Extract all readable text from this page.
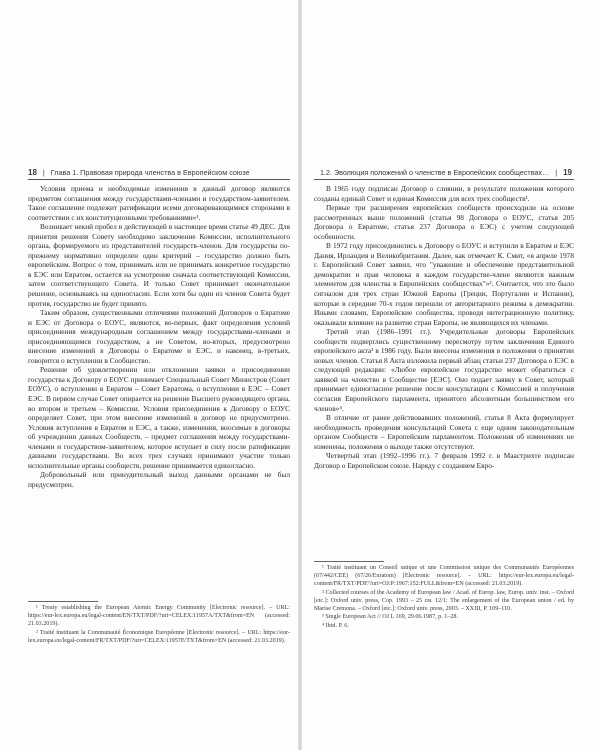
18 | Глава 1. Правовая природа членства в Европейском союзе

Условия приема и необходимые изменения в данный договор являются предметом соглашения между государствами-членами и государством-заявителем. Такое соглашение подлежит ратификации всеми договаривающимися сторонами в соответствии с их конституционными требованиями«¹.

Возникает некий пробел в действующей в настоящее время статье 49 ДЕС. Для принятия решения Совету необходимо заключение Комиссии, исполнительного органа, формируемого из представителей государств-членов. Для государства по-прежнему нормативно определен один критерий – государство должно быть европейским. Вопрос о том, принимать или не принимать конкретное государство в ЕЭС или Евратом, остается на усмотрение сначала соответствующей Комиссии, затем соответствующего Совета. И только Совет принимает окончательное решение, основываясь на единогласии. Если хотя бы один из членов Совета будет против, государство не будет принято.

Таким образом, существенными отличиями положений Договоров о Евратоме и ЕЭС от Договора о ЕОУС, являются, во-первых, факт определения условий присоединения международным соглашением между государствами-членами и присоединяющимся государством, а не Советом, во-вторых, предусмотрено внесение изменений в Договоры о Евратоме и ЕЭС, и наконец, в-третьих, говорится о вступлении в Сообщество.

Решение об удовлетворении или отклонении заявки о присоединении государства к Договору о ЕОУС принимает Специальный Совет Министров (Совет ЕОУС), о вступлении в Евратом – Совет Евратома, о вступлении в ЕЭС – Совет ЕЭС. В первом случае Совет опирается на решение Высшего руководящего органа, во втором и третьем – Комиссии. Условия присоединения к Договору о ЕОУС определяет Совет, при этом внесение изменений в договор не предусмотрено. Условия вступления в Евратом и ЕЭС, а также, изменения, вносимые в договоры об учреждении данных Сообществ, – предмет соглашения между государствами-членами и государством-заявителем, которое вступает в силу после ратификации данными государствами. Во всех трех случаях принимают участие только исполнительные органы сообществ, решение принимается единогласно.

Добровольный или принудительный выход данными органами не был предусмотрен.

¹ Treaty establishing the European Atomic Energy Community [Electronic resource]. – URL: https://eur-lex.europa.eu/legal-content/EN/TXT/PDF/?uri=CELEX:11957A/TXT&from=EN (accessed: 21.03.2019).

² Traité instituant la Communauté Économique Européenne [Electronic resource]. – URL: https://eur-lex.europa.eu/legal-content/FR/TXT/PDF/?uri=CELEX:11957E/TXT&from=EN (accessed: 21.03.2019).

1.2. Эволюция положений о членстве в Европейских сообществах… | 19

В 1965 году подписан Договор о слиянии, в результате положения которого созданы единый Совет и единая Комиссия для всех трех сообществ¹.

Первые три расширения европейских сообществ происходили на основе рассмотренных выше положений (статья 98 Договора о ЕОУС, статья 205 Договора о Евратоме, статья 237 Договора о ЕЭС) с учетом следующей особенности.

В 1972 году присоединились к Договору о ЕОУС и вступили в Евратом и ЕЭС Дания, Ирландия и Великобритания. Далее, как отмечает К. Смит, «в апреле 1978 г. Европейский Совет заявил, что "уважение и обеспечение представительной демократии и прав человека в каждом государстве-члене являются важным элементом для членства в Европейских сообществах"»². Считается, что это было сигналом для трех стран Южной Европы (Греции, Португалии и Испании), которые в середине 70-х годов перешли от авторитарного режима к демократии. Иными словами, Европейские сообщества, проводя интеграционную политику, оказывали влияние на развитие стран Европы, не являющихся их членами.

Третий этап (1986–1991 гг.). Учредительные договоры Европейских сообществ подверглись существенному пересмотру путем заключения Единого европейского акта³ в 1986 году. Были внесены изменения в положения о принятии новых членов. Статья 8 Акта изложила первый абзац статьи 237 Договора о ЕЭС в следующей редакции: «Любое европейское государство может обратиться с заявкой на членство в Сообществе [ЕЭС]. Оно подает заявку в Совет, который принимает единогласное решение после консультации с Комиссией и получения согласия Европейского парламента, принятого абсолютным большинством его членов»⁴.

В отличие от ранее действовавших положений, статья 8 Акта формулирует необходимость проведения консультаций Совета с еще одним законодательным органом Сообществ – Европейским парламентом. Положения об изменениях не изменены, положения о выходе также отсутствуют.

Четвертый этап (1992–1996 гг.). 7 февраля 1992 г. в Маастрихте подписан Договор о Европейском союзе. Наряду с созданием Евро-

¹ Traité instituant un Conseil unique et une Commission unique des Communautés Européennes (67/442/CEE) (67/26/Euratom) [Electronic resource]. – URL: https://eur-lex.europa.eu/legal-content/FR/TXT/PDF/?uri=OJ:P:1967:152:FULL&from=EN (accessed: 21.03.2019).

² Collected courses of the Academy of European law / Acad. of Europ. law, Europ. univ. inst. – Oxford [etc.]: Oxford univ. press, Cop. 1993 – 25 см. 12/1: The enlargement of the European union / ed. by Marise Cremona. – Oxford [etc.]: Oxford univ. press, 2003. – XXIII, P. 109–110.

³ Single European Act // OJ L 169, 29.06.1987, p. 1–28.

⁴ Ibid. P. 6.
